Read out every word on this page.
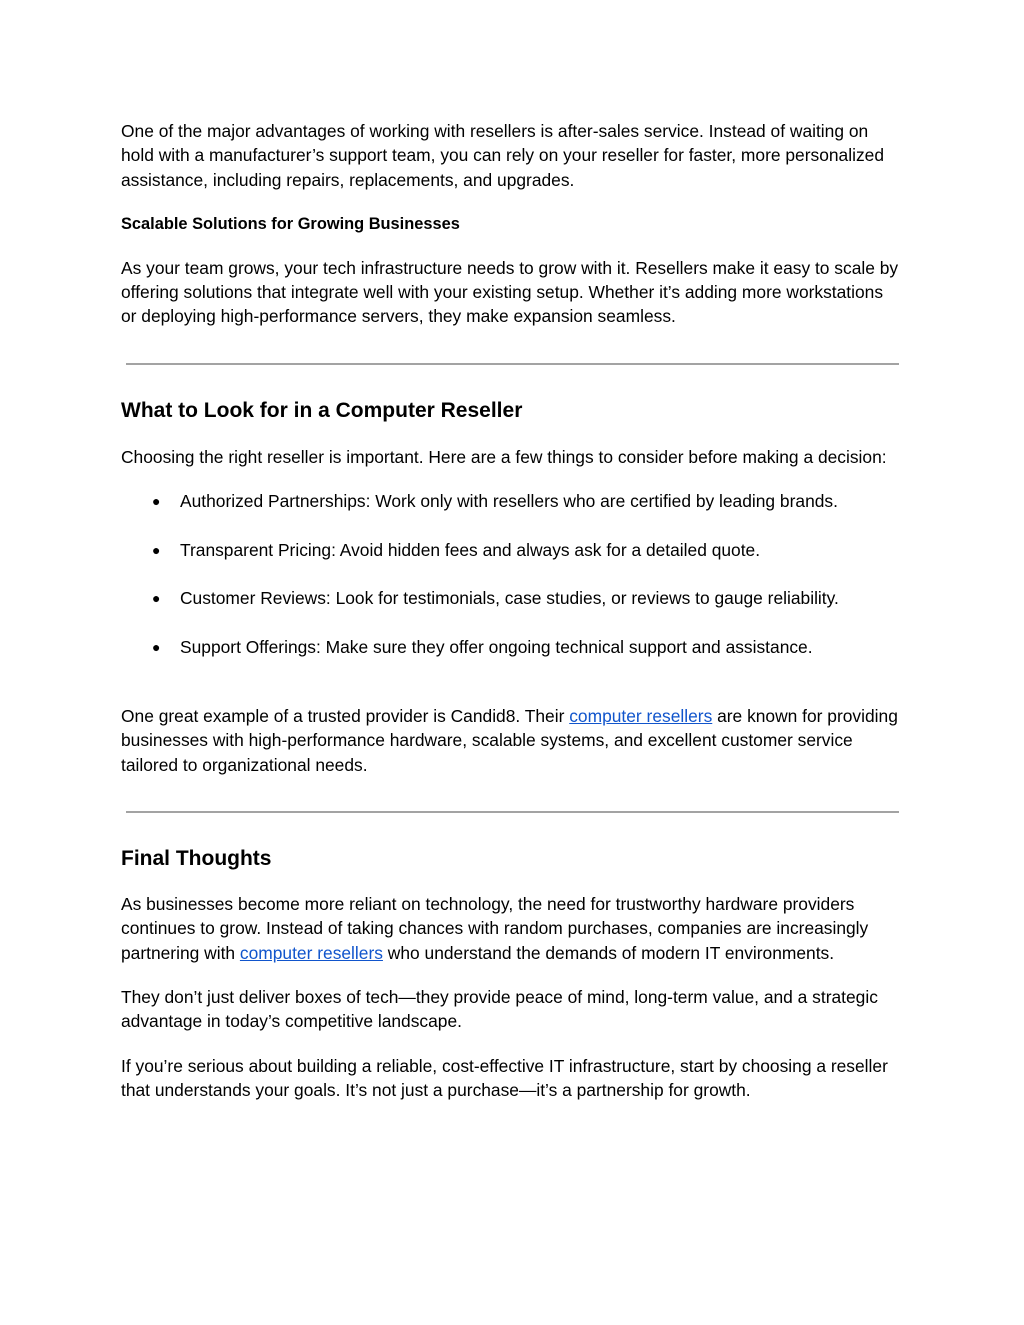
One of the major advantages of working with resellers is after-sales service. Instead of waiting on hold with a manufacturer’s support team, you can rely on your reseller for faster, more personalized assistance, including repairs, replacements, and upgrades.

Scalable Solutions for Growing Businesses

As your team grows, your tech infrastructure needs to grow with it. Resellers make it easy to scale by offering solutions that integrate well with your existing setup. Whether it’s adding more workstations or deploying high-performance servers, they make expansion seamless.

What to Look for in a Computer Reseller

Choosing the right reseller is important. Here are a few things to consider before making a decision:

● Authorized Partnerships: Work only with resellers who are certified by leading brands.
● Transparent Pricing: Avoid hidden fees and always ask for a detailed quote.
● Customer Reviews: Look for testimonials, case studies, or reviews to gauge reliability.
● Support Offerings: Make sure they offer ongoing technical support and assistance.

One great example of a trusted provider is Candid8. Their computer resellers are known for providing businesses with high-performance hardware, scalable systems, and excellent customer service tailored to organizational needs.

Final Thoughts

As businesses become more reliant on technology, the need for trustworthy hardware providers continues to grow. Instead of taking chances with random purchases, companies are increasingly partnering with computer resellers who understand the demands of modern IT environments.

They don’t just deliver boxes of tech—they provide peace of mind, long-term value, and a strategic advantage in today’s competitive landscape.

If you’re serious about building a reliable, cost-effective IT infrastructure, start by choosing a reseller that understands your goals. It’s not just a purchase—it’s a partnership for growth.
